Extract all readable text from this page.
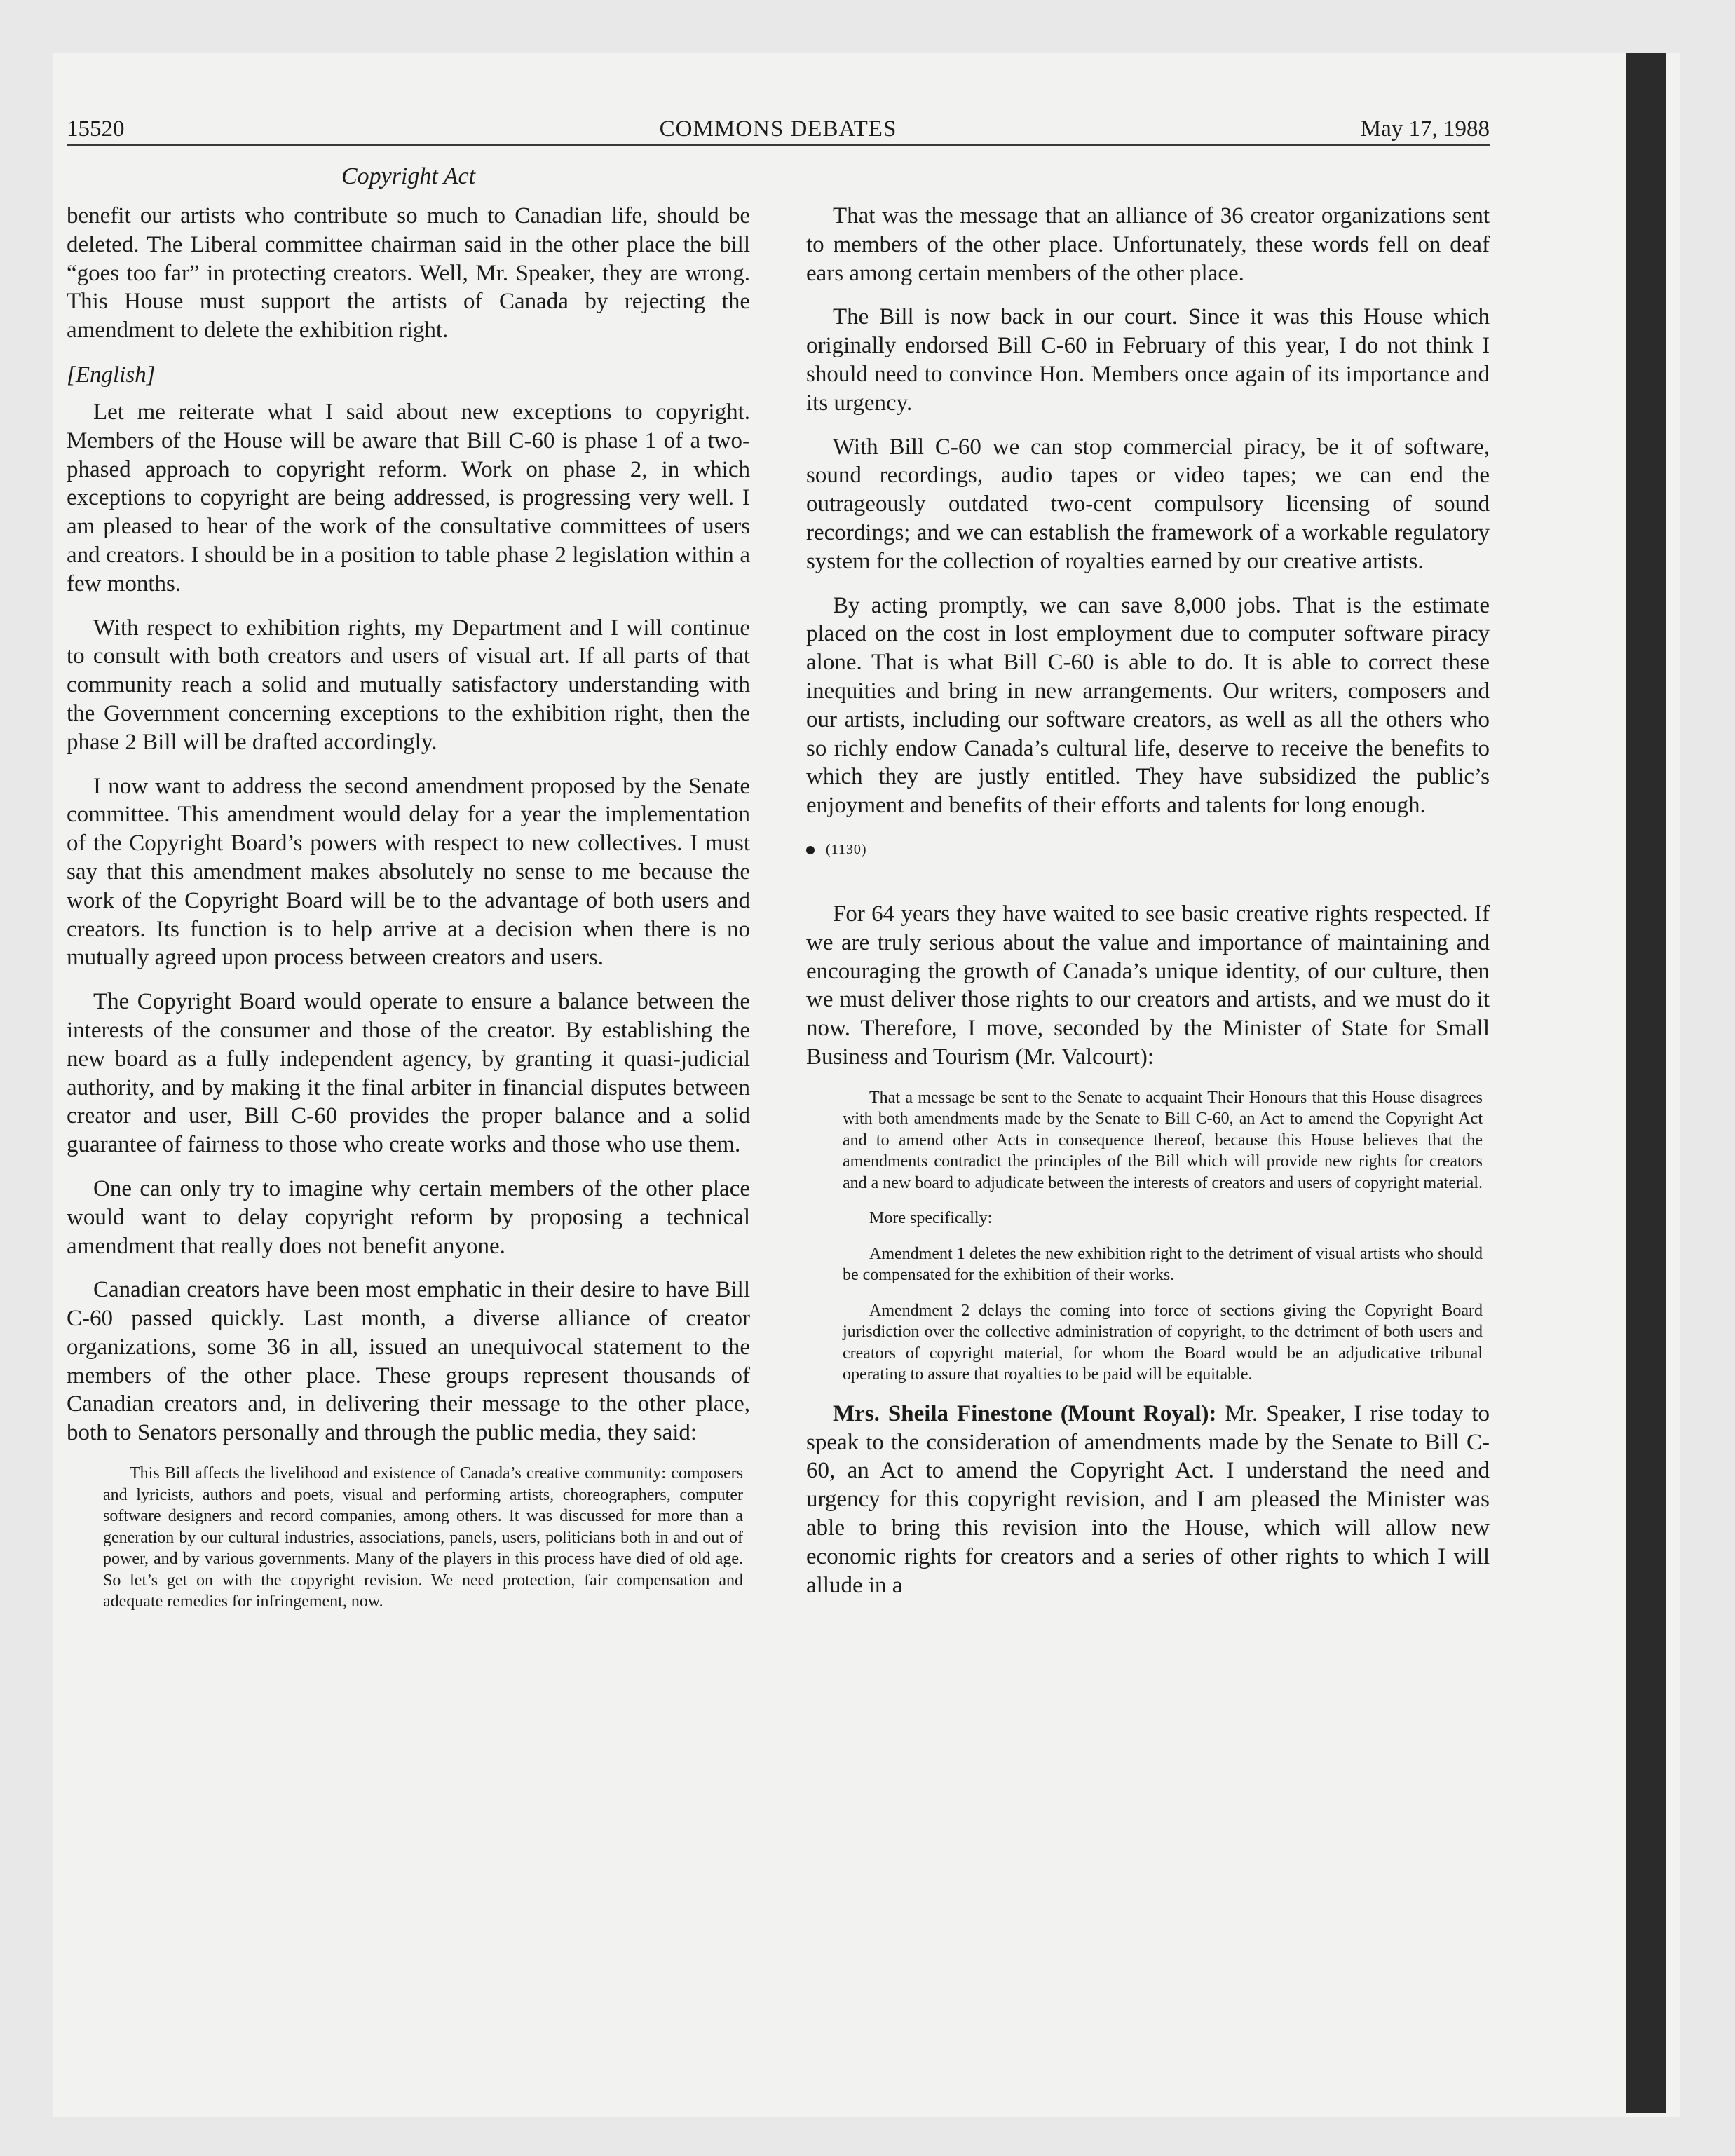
15520	COMMONS DEBATES	May 17, 1988
Copyright Act

benefit our artists who contribute so much to Canadian life, should be deleted. The Liberal committee chairman said in the other place the bill “goes too far” in protecting creators. Well, Mr. Speaker, they are wrong. This House must support the artists of Canada by rejecting the amendment to delete the exhibition right.

[English]

Let me reiterate what I said about new exceptions to copyright. Members of the House will be aware that Bill C-60 is phase 1 of a two-phased approach to copyright reform. Work on phase 2, in which exceptions to copyright are being addressed, is progressing very well. I am pleased to hear of the work of the consultative committees of users and creators. I should be in a position to table phase 2 legislation within a few months.

With respect to exhibition rights, my Department and I will continue to consult with both creators and users of visual art. If all parts of that community reach a solid and mutually satisfactory understanding with the Government concerning exceptions to the exhibition right, then the phase 2 Bill will be drafted accordingly.

I now want to address the second amendment proposed by the Senate committee. This amendment would delay for a year the implementation of the Copyright Board’s powers with respect to new collectives. I must say that this amendment makes absolutely no sense to me because the work of the Copyright Board will be to the advantage of both users and creators. Its function is to help arrive at a decision when there is no mutually agreed upon process between creators and users.

The Copyright Board would operate to ensure a balance between the interests of the consumer and those of the creator. By establishing the new board as a fully independent agency, by granting it quasi-judicial authority, and by making it the final arbiter in financial disputes between creator and user, Bill C-60 provides the proper balance and a solid guarantee of fairness to those who create works and those who use them.

One can only try to imagine why certain members of the other place would want to delay copyright reform by proposing a technical amendment that really does not benefit anyone.

Canadian creators have been most emphatic in their desire to have Bill C-60 passed quickly. Last month, a diverse alliance of creator organizations, some 36 in all, issued an unequivocal statement to the members of the other place. These groups represent thousands of Canadian creators and, in delivering their message to the other place, both to Senators personally and through the public media, they said:

This Bill affects the livelihood and existence of Canada’s creative community: composers and lyricists, authors and poets, visual and performing artists, choreographers, computer software designers and record companies, among others. It was discussed for more than a generation by our cultural industries, associations, panels, users, politicians both in and out of power, and by various governments. Many of the players in this process have died of old age. So let’s get on with the copyright revision. We need protection, fair compensation and adequate remedies for infringement, now.

That was the message that an alliance of 36 creator organizations sent to members of the other place. Unfortunately, these words fell on deaf ears among certain members of the other place.

The Bill is now back in our court. Since it was this House which originally endorsed Bill C-60 in February of this year, I do not think I should need to convince Hon. Members once again of its importance and its urgency.

With Bill C-60 we can stop commercial piracy, be it of software, sound recordings, audio tapes or video tapes; we can end the outrageously outdated two-cent compulsory licensing of sound recordings; and we can establish the framework of a workable regulatory system for the collection of royalties earned by our creative artists.

By acting promptly, we can save 8,000 jobs. That is the estimate placed on the cost in lost employment due to computer software piracy alone. That is what Bill C-60 is able to do. It is able to correct these inequities and bring in new arrangements. Our writers, composers and our artists, including our software creators, as well as all the others who so richly endow Canada’s cultural life, deserve to receive the benefits to which they are justly entitled. They have subsidized the public’s enjoyment and benefits of their efforts and talents for long enough.

(1130)

For 64 years they have waited to see basic creative rights respected. If we are truly serious about the value and importance of maintaining and encouraging the growth of Canada’s unique identity, of our culture, then we must deliver those rights to our creators and artists, and we must do it now. Therefore, I move, seconded by the Minister of State for Small Business and Tourism (Mr. Valcourt):

That a message be sent to the Senate to acquaint Their Honours that this House disagrees with both amendments made by the Senate to Bill C-60, an Act to amend the Copyright Act and to amend other Acts in consequence thereof, because this House believes that the amendments contradict the principles of the Bill which will provide new rights for creators and a new board to adjudicate between the interests of creators and users of copyright material.

More specifically:

Amendment 1 deletes the new exhibition right to the detriment of visual artists who should be compensated for the exhibition of their works.

Amendment 2 delays the coming into force of sections giving the Copyright Board jurisdiction over the collective administration of copyright, to the detriment of both users and creators of copyright material, for whom the Board would be an adjudicative tribunal operating to assure that royalties to be paid will be equitable.

Mrs. Sheila Finestone (Mount Royal): Mr. Speaker, I rise today to speak to the consideration of amendments made by the Senate to Bill C-60, an Act to amend the Copyright Act. I understand the need and urgency for this copyright revision, and I am pleased the Minister was able to bring this revision into the House, which will allow new economic rights for creators and a series of other rights to which I will allude in a
